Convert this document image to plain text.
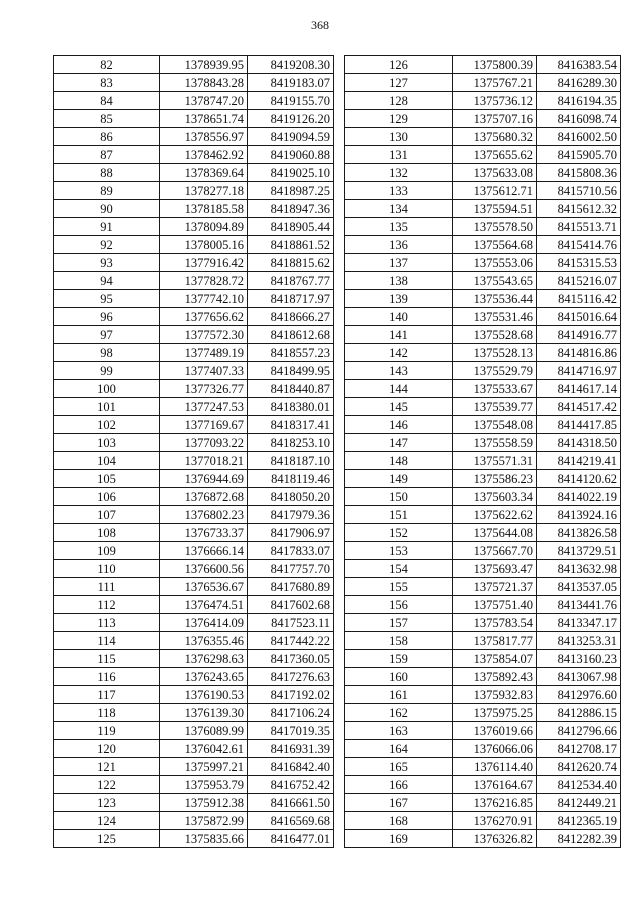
368
82	1378939.95	8419208.30
83	1378843.28	8419183.07
84	1378747.20	8419155.70
85	1378651.74	8419126.20
86	1378556.97	8419094.59
87	1378462.92	8419060.88
88	1378369.64	8419025.10
89	1378277.18	8418987.25
90	1378185.58	8418947.36
91	1378094.89	8418905.44
92	1378005.16	8418861.52
93	1377916.42	8418815.62
94	1377828.72	8418767.77
95	1377742.10	8418717.97
96	1377656.62	8418666.27
97	1377572.30	8418612.68
98	1377489.19	8418557.23
99	1377407.33	8418499.95
100	1377326.77	8418440.87
101	1377247.53	8418380.01
102	1377169.67	8418317.41
103	1377093.22	8418253.10
104	1377018.21	8418187.10
105	1376944.69	8418119.46
106	1376872.68	8418050.20
107	1376802.23	8417979.36
108	1376733.37	8417906.97
109	1376666.14	8417833.07
110	1376600.56	8417757.70
111	1376536.67	8417680.89
112	1376474.51	8417602.68
113	1376414.09	8417523.11
114	1376355.46	8417442.22
115	1376298.63	8417360.05
116	1376243.65	8417276.63
117	1376190.53	8417192.02
118	1376139.30	8417106.24
119	1376089.99	8417019.35
120	1376042.61	8416931.39
121	1375997.21	8416842.40
122	1375953.79	8416752.42
123	1375912.38	8416661.50
124	1375872.99	8416569.68
125	1375835.66	8416477.01
126	1375800.39	8416383.54
127	1375767.21	8416289.30
128	1375736.12	8416194.35
129	1375707.16	8416098.74
130	1375680.32	8416002.50
131	1375655.62	8415905.70
132	1375633.08	8415808.36
133	1375612.71	8415710.56
134	1375594.51	8415612.32
135	1375578.50	8415513.71
136	1375564.68	8415414.76
137	1375553.06	8415315.53
138	1375543.65	8415216.07
139	1375536.44	8415116.42
140	1375531.46	8415016.64
141	1375528.68	8414916.77
142	1375528.13	8414816.86
143	1375529.79	8414716.97
144	1375533.67	8414617.14
145	1375539.77	8414517.42
146	1375548.08	8414417.85
147	1375558.59	8414318.50
148	1375571.31	8414219.41
149	1375586.23	8414120.62
150	1375603.34	8414022.19
151	1375622.62	8413924.16
152	1375644.08	8413826.58
153	1375667.70	8413729.51
154	1375693.47	8413632.98
155	1375721.37	8413537.05
156	1375751.40	8413441.76
157	1375783.54	8413347.17
158	1375817.77	8413253.31
159	1375854.07	8413160.23
160	1375892.43	8413067.98
161	1375932.83	8412976.60
162	1375975.25	8412886.15
163	1376019.66	8412796.66
164	1376066.06	8412708.17
165	1376114.40	8412620.74
166	1376164.67	8412534.40
167	1376216.85	8412449.21
168	1376270.91	8412365.19
169	1376326.82	8412282.39
